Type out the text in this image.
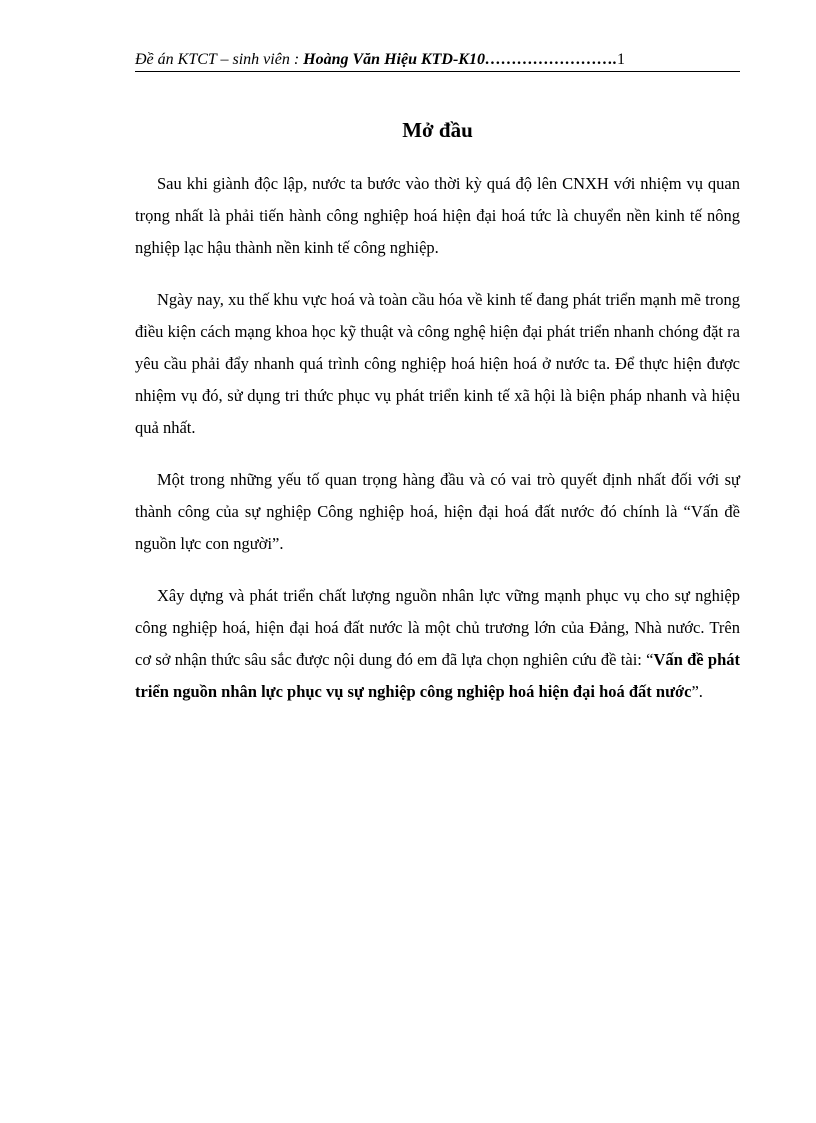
Đề án KTCT – sinh viên : Hoàng Văn Hiệu KTD-K10…………………….1
Mở đầu

Sau khi giành độc lập, nước ta bước vào thời kỳ quá độ lên CNXH với nhiệm vụ quan trọng nhất là phải tiến hành công nghiệp hoá hiện đại hoá tức là chuyển nền kinh tế nông nghiệp lạc hậu thành nền kinh tế công nghiệp.

Ngày nay, xu thế khu vực hoá và toàn cầu hóa về kinh tế đang phát triển mạnh mẽ trong điều kiện cách mạng khoa học kỹ thuật và công nghệ hiện đại phát triển nhanh chóng đặt ra yêu cầu phải đẩy nhanh quá trình công nghiệp hoá hiện hoá ở nước ta. Để thực hiện được nhiệm vụ đó, sử dụng tri thức phục vụ phát triển kinh tế xã hội là biện pháp nhanh và hiệu quả nhất.

Một trong những yếu tố quan trọng hàng đầu và có vai trò quyết định nhất đối với sự thành công của sự nghiệp Công nghiệp hoá, hiện đại hoá đất nước đó chính là “Vấn đề nguồn lực con người”.

Xây dựng và phát triển chất lượng nguồn nhân lực vững mạnh phục vụ cho sự nghiệp công nghiệp hoá, hiện đại hoá đất nước là một chủ trương lớn của Đảng, Nhà nước. Trên cơ sở nhận thức sâu sắc được nội dung đó em đã lựa chọn nghiên cứu đề tài: “Vấn đề phát triển nguồn nhân lực phục vụ sự nghiệp công nghiệp hoá hiện đại hoá đất nước”.
